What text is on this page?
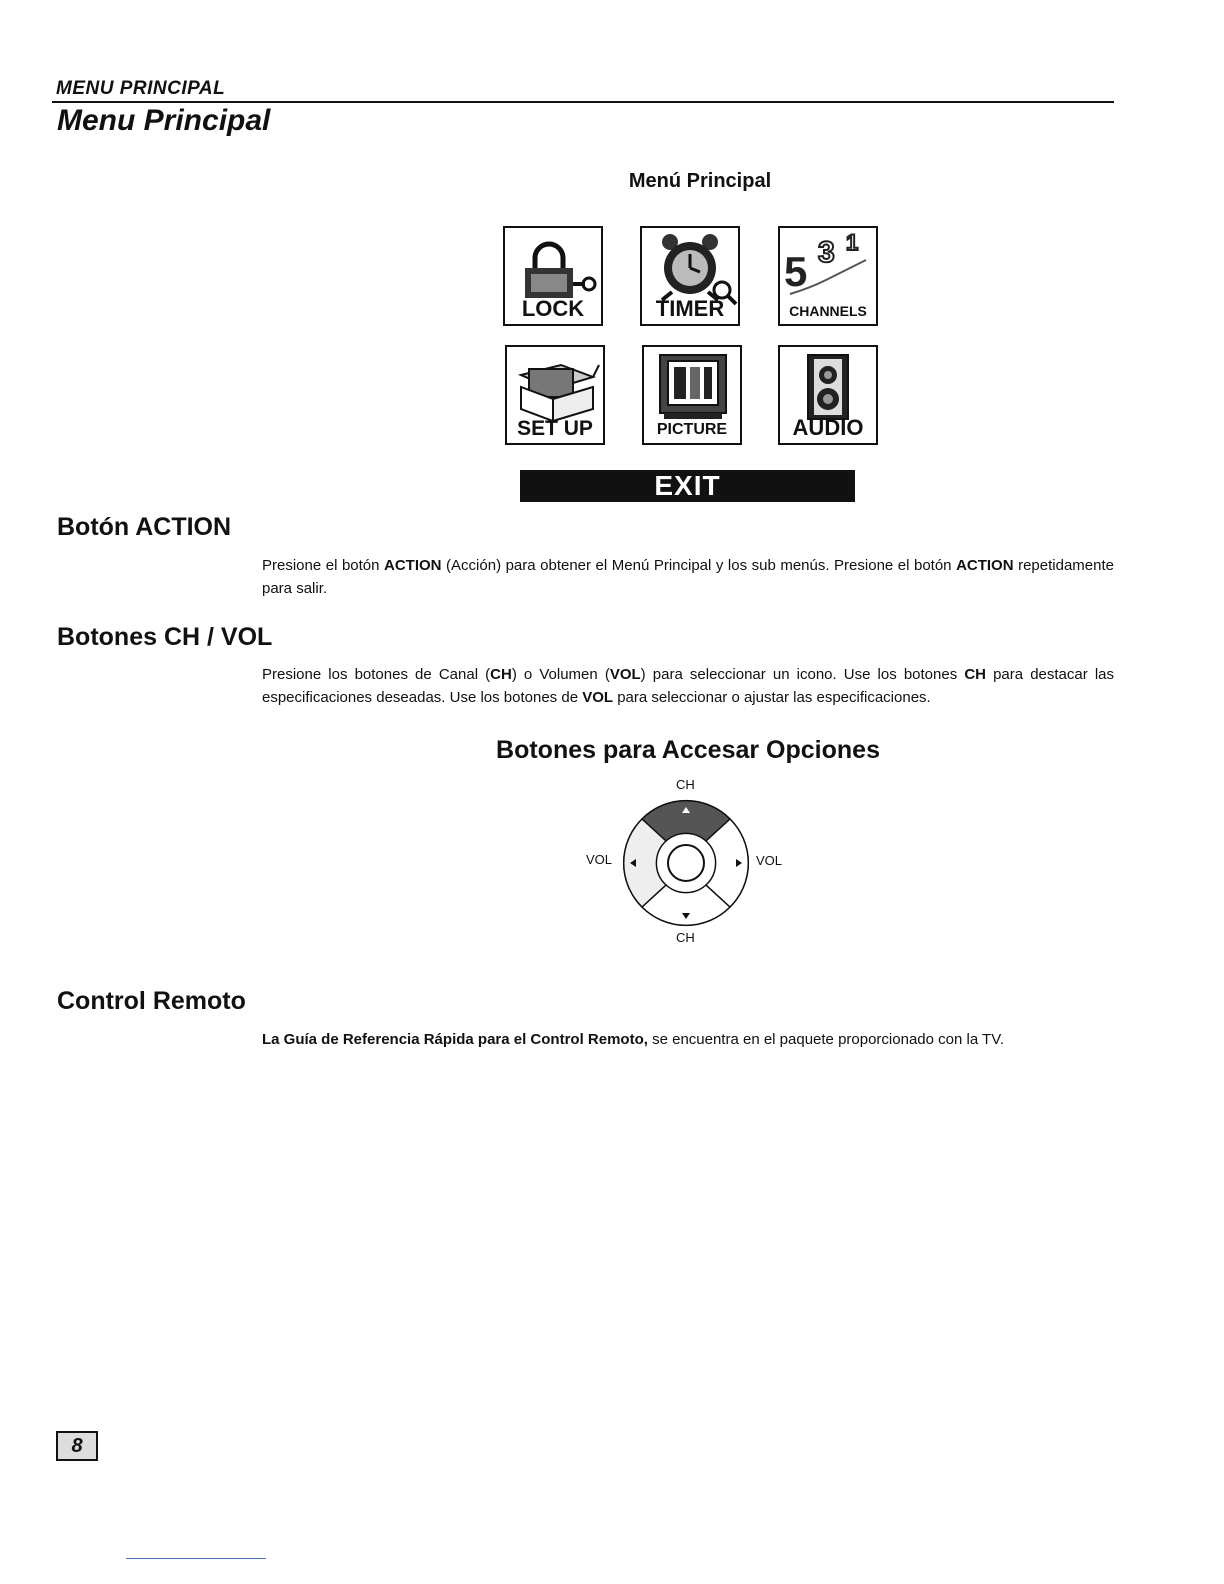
MENU PRINCIPAL
Menu Principal
Menú Principal
LOCK	TIMER
5 3 1
CHANNELS
SET UP	PICTURE	AUDIO
EXIT
Botón ACTION
Presione el botón ACTION (Acción) para obtener el Menú Principal y los sub menús. Presione el botón ACTION repetidamente para salir.
Botones CH / VOL
Presione los botones de Canal (CH) o Volumen (VOL) para seleccionar un icono. Use los botones CH para destacar las especificaciones deseadas. Use los botones de VOL para seleccionar o ajustar las especificaciones.
Botones para Accesar Opciones
CH
CH
VOL	VOL
Control Remoto
La Guía de Referencia Rápida para el Control Remoto, se encuentra en el paquete proporcionado con la TV.
8
